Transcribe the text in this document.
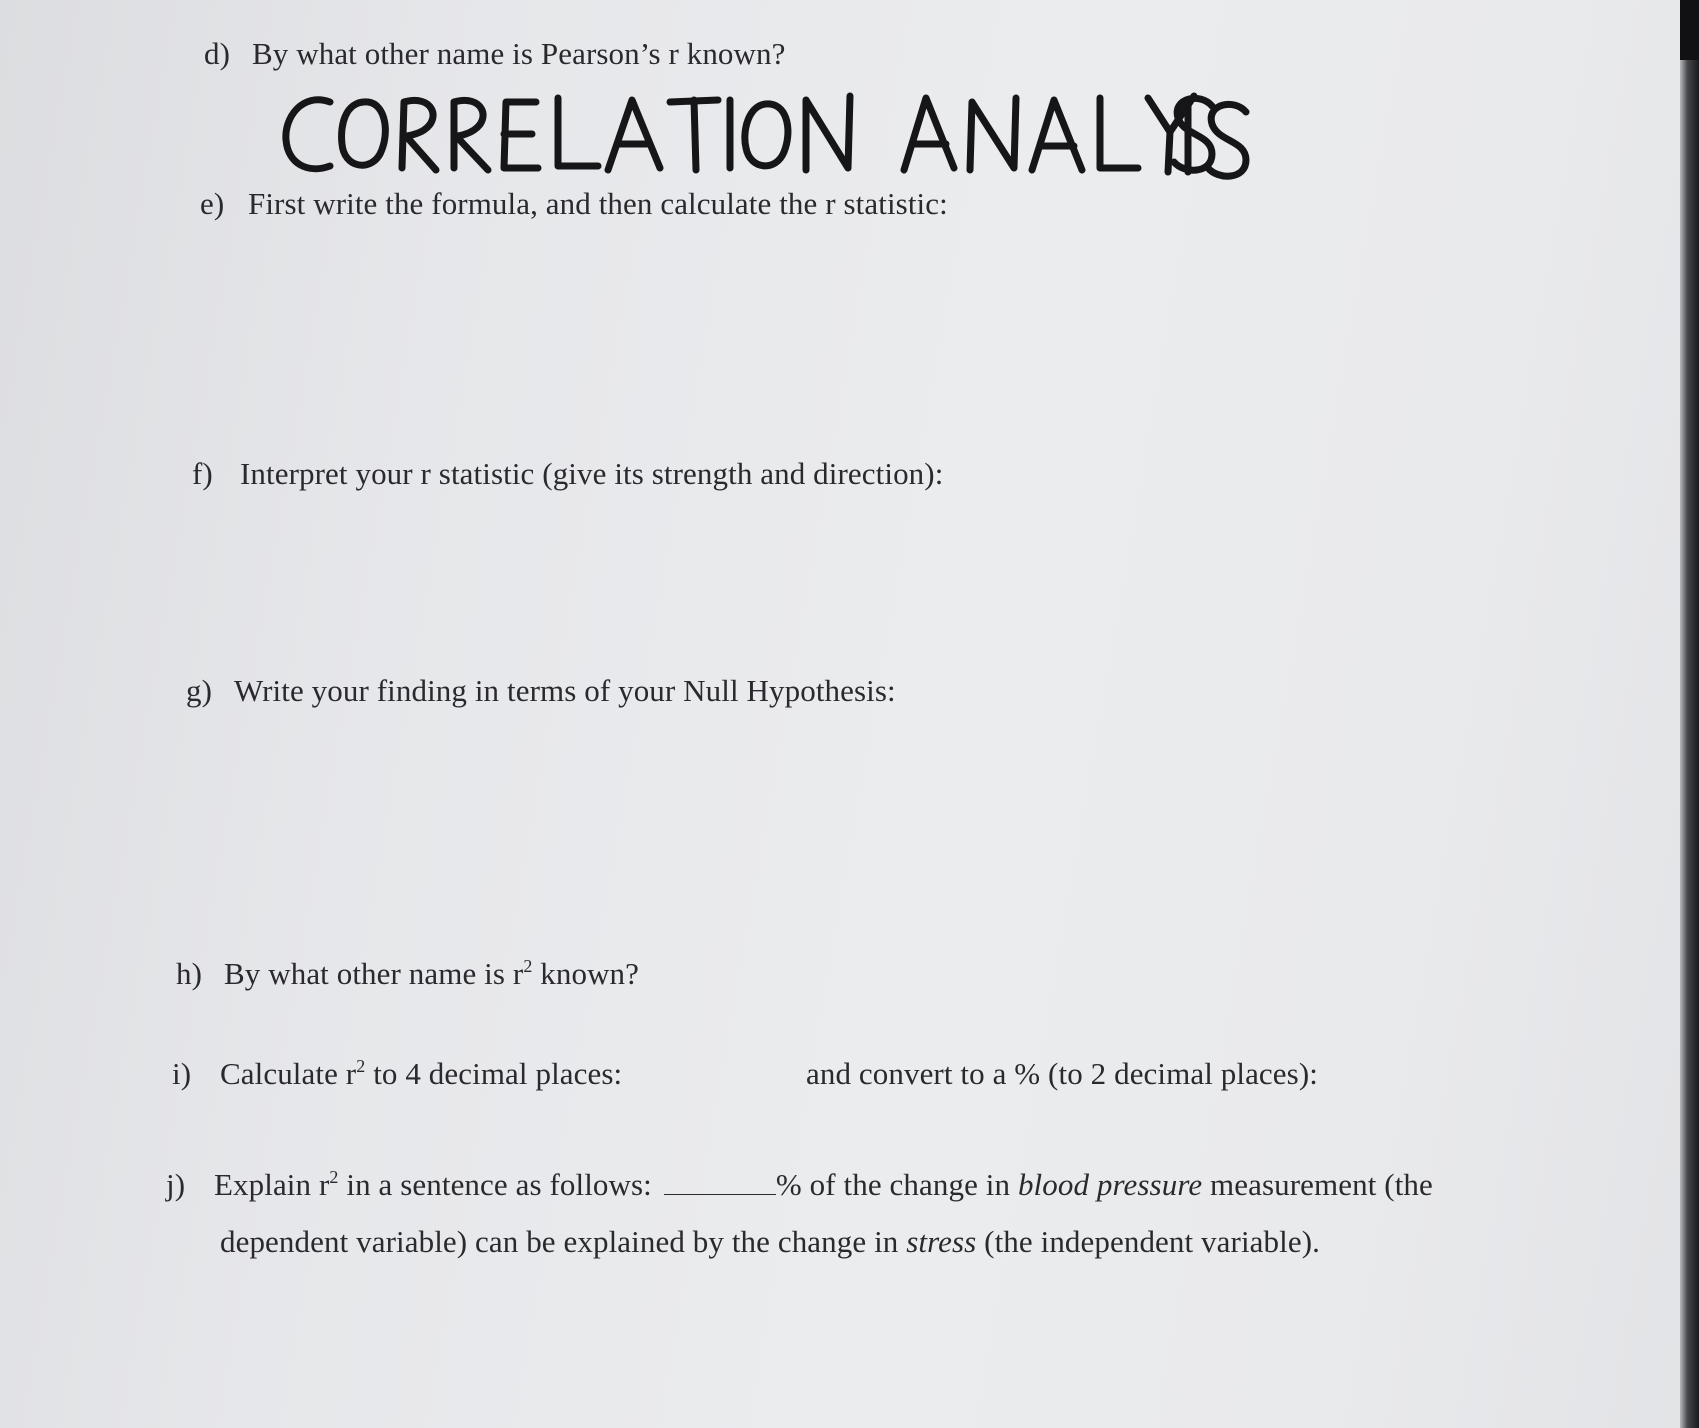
d) By what other name is Pearson’s r known?
e) First write the formula, and then calculate the r statistic:
f) Interpret your r statistic (give its strength and direction):
g) Write your finding in terms of your Null Hypothesis:
h) By what other name is $r^2$ known?
i) Calculate $r^2$ to 4 decimal places:	and convert to a % (to 2 decimal places):
j) Explain $r^2$ in a sentence as follows:	% of the change in blood pressure measurement (the
dependent variable) can be explained by the change in stress (the independent variable).
